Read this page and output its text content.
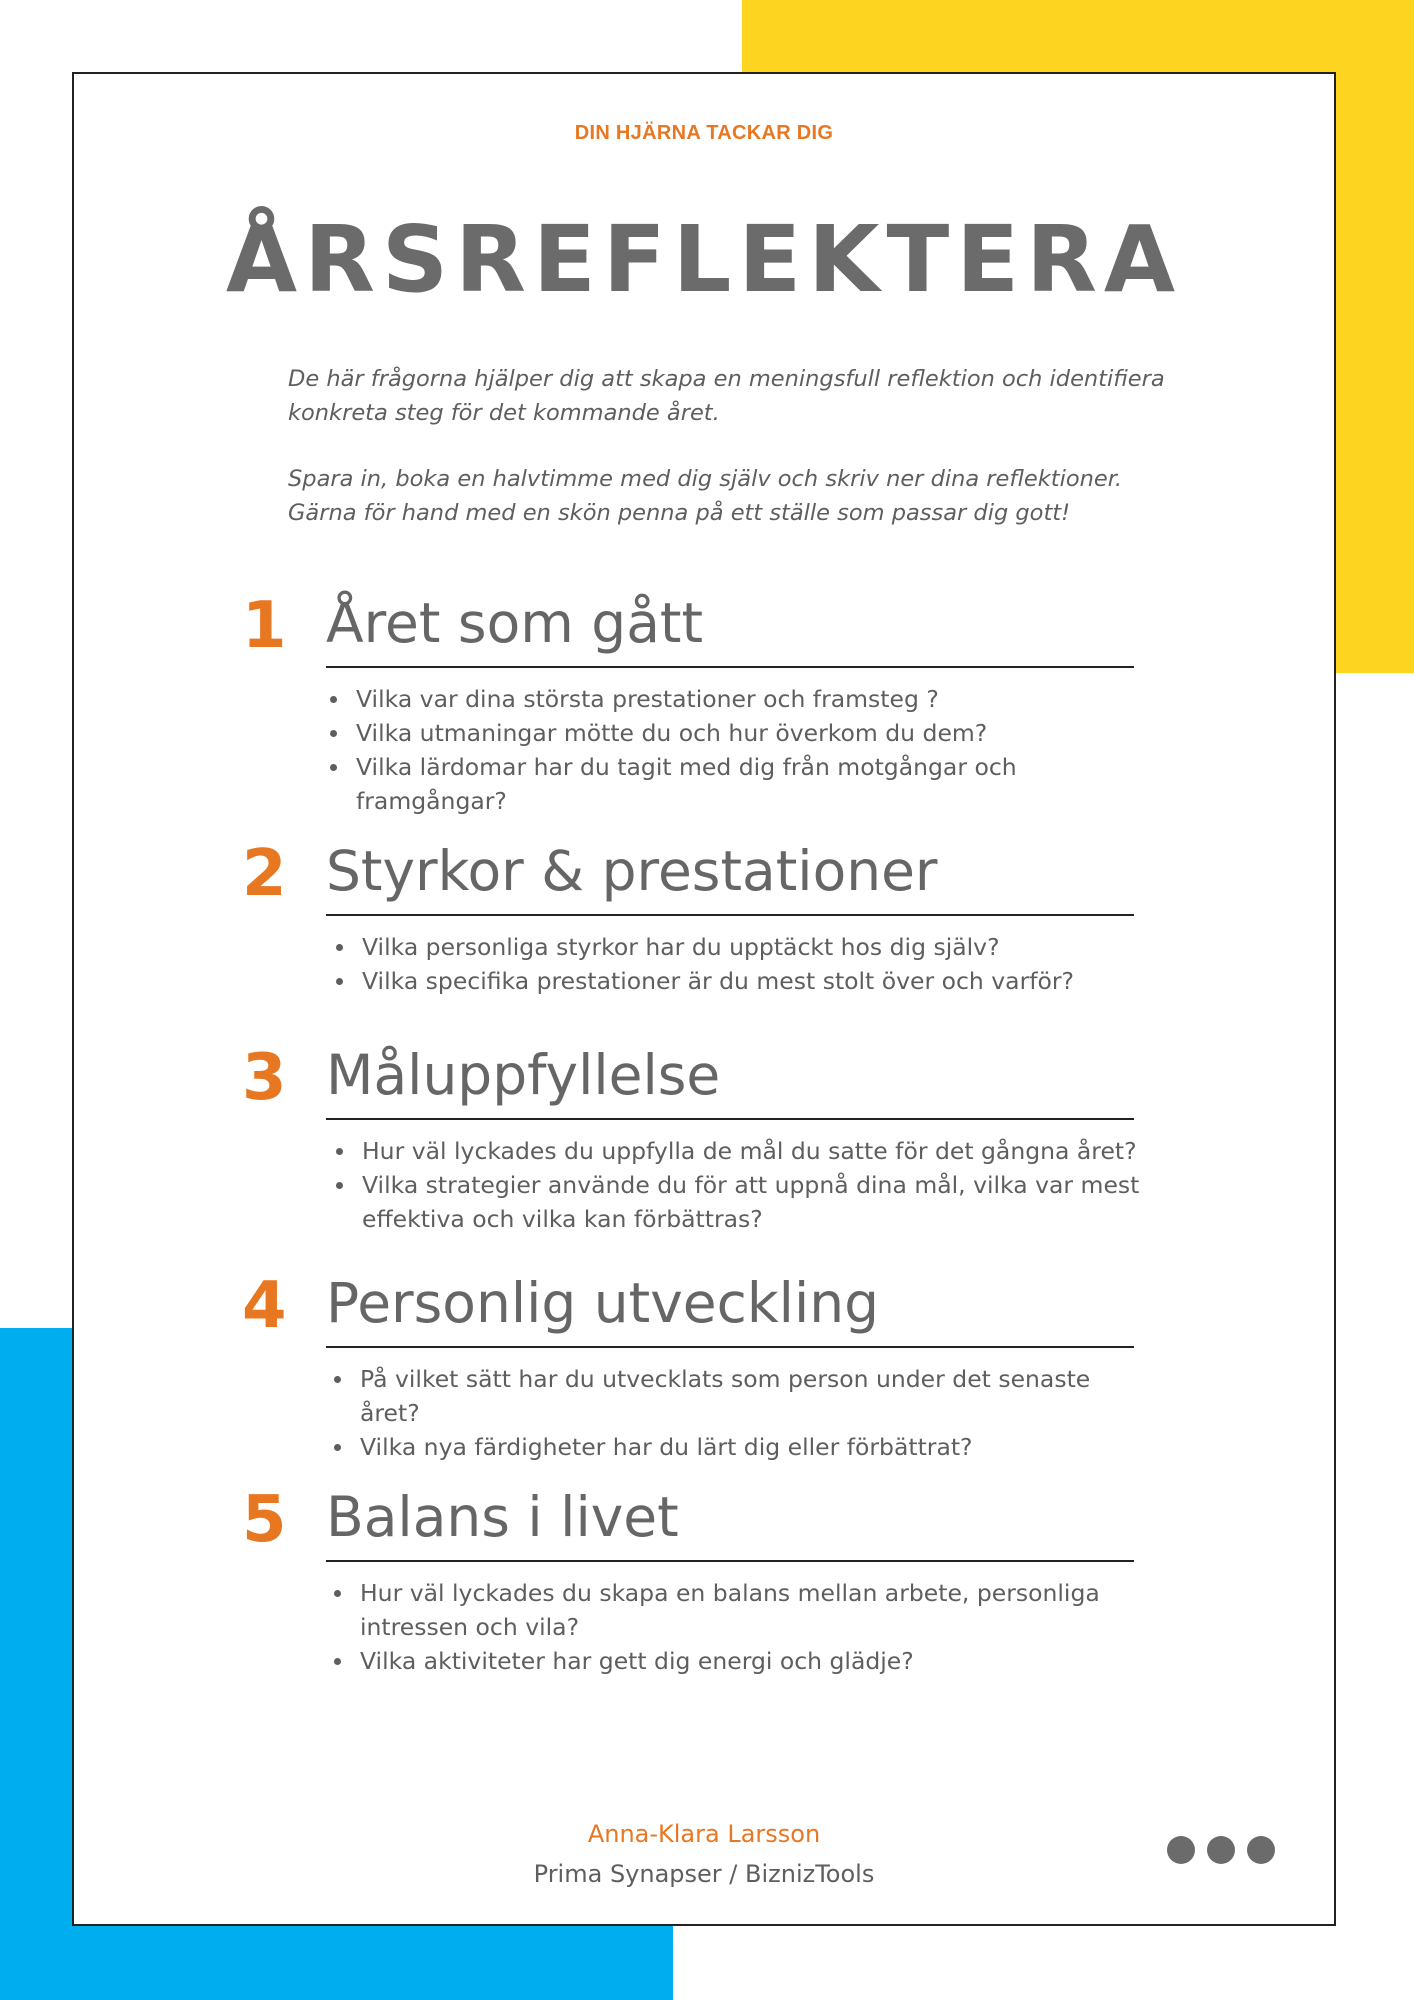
DIN HJÄRNA TACKAR DIG
ÅRSREFLEKTERA
De här frågorna hjälper dig att skapa en meningsfull reflektion och identifiera konkreta steg för det kommande året.
Spara in, boka en halvtimme med dig själv och skriv ner dina reflektioner. Gärna för hand med en skön penna på ett ställe som passar dig gott!
1 Året som gått
Vilka var dina största prestationer och framsteg ?
Vilka utmaningar mötte du och hur överkom du dem?
Vilka lärdomar har du tagit med dig från motgångar och framgångar?
2 Styrkor & prestationer
Vilka personliga styrkor har du upptäckt hos dig själv?
Vilka specifika prestationer är du mest stolt över och varför?
3 Måluppfyllelse
Hur väl lyckades du uppfylla de mål du satte för det gångna året?
Vilka strategier använde du för att uppnå dina mål, vilka var mest effektiva och vilka kan förbättras?
4 Personlig utveckling
På vilket sätt har du utvecklats som person under det senaste året?
Vilka nya färdigheter har du lärt dig eller förbättrat?
5 Balans i livet
Hur väl lyckades du skapa en balans mellan arbete, personliga intressen och vila?
Vilka aktiviteter har gett dig energi och glädje?
Anna-Klara Larsson
Prima Synapser / BiznizTools
